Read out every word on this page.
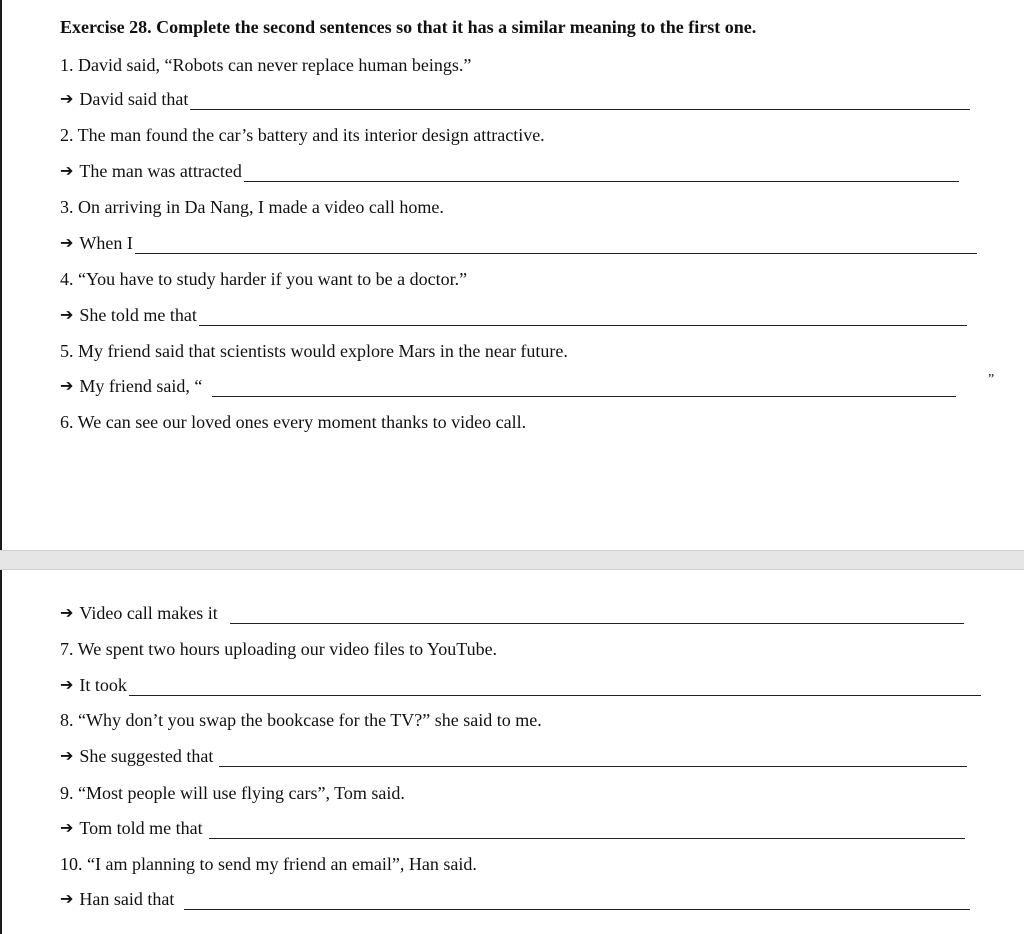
Exercise 28. Complete the second sentences so that it has a similar meaning to the first one.
1. David said, “Robots can never replace human beings.”
➔ David said that
2. The man found the car’s battery and its interior design attractive.
➔ The man was attracted
3. On arriving in Da Nang, I made a video call home.
➔ When I
4. “You have to study harder if you want to be a doctor.”
➔ She told me that
5. My friend said that scientists would explore Mars in the near future.
➔ My friend said, “	”
6. We can see our loved ones every moment thanks to video call.
➔ Video call makes it
7. We spent two hours uploading our video files to YouTube.
➔ It took
8. “Why don’t you swap the bookcase for the TV?” she said to me.
➔ She suggested that
9. “Most people will use flying cars”, Tom said.
➔ Tom told me that
10. “I am planning to send my friend an email”, Han said.
➔ Han said that
